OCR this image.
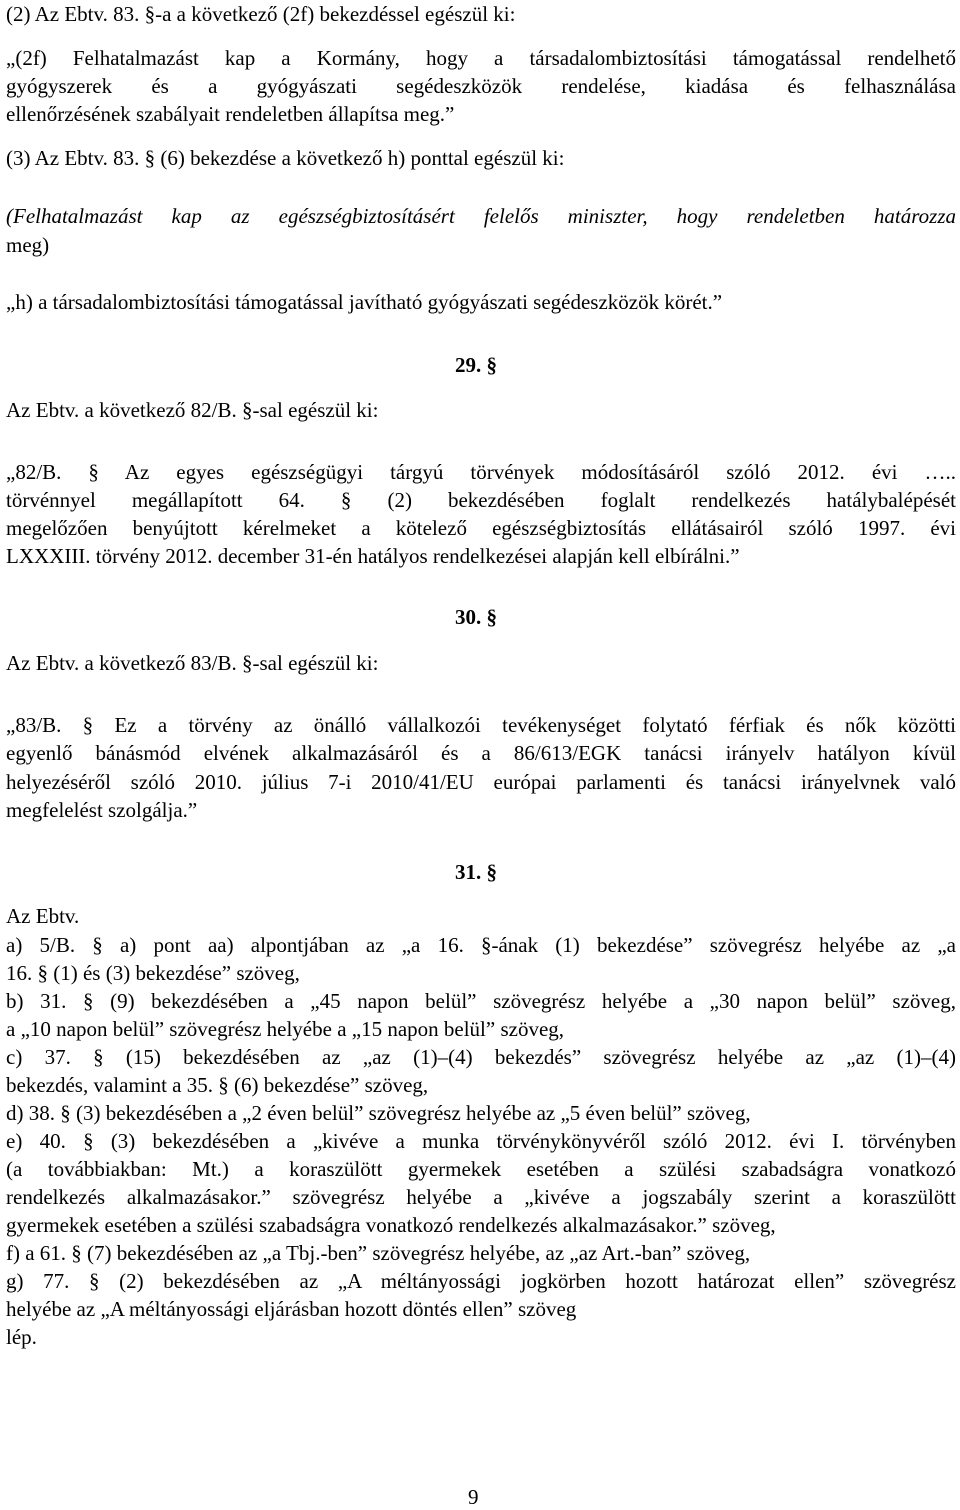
(2) Az Ebtv. 83. §-a a következő (2f) bekezdéssel egészül ki:
„(2f) Felhatalmazást kap a Kormány, hogy a társadalombiztosítási támogatással rendelhető
gyógyszerek és a gyógyászati segédeszközök rendelése, kiadása és felhasználása
ellenőrzésének szabályait rendeletben állapítsa meg.”
(3) Az Ebtv. 83. § (6) bekezdése a következő h) ponttal egészül ki:
(Felhatalmazást kap az egészségbiztosításért felelős miniszter, hogy rendeletben határozza
meg)
„h) a társadalombiztosítási támogatással javítható gyógyászati segédeszközök körét.”
29. §
Az Ebtv. a következő 82/B. §-sal egészül ki:
„82/B. § Az egyes egészségügyi tárgyú törvények módosításáról szóló 2012. évi …..
törvénnyel megállapított 64. § (2) bekezdésében foglalt rendelkezés hatálybalépését
megelőzően benyújtott kérelmeket a kötelező egészségbiztosítás ellátásairól szóló 1997. évi
LXXXIII. törvény 2012. december 31-én hatályos rendelkezései alapján kell elbírálni.”
30. §
Az Ebtv. a következő 83/B. §-sal egészül ki:
„83/B. § Ez a törvény az önálló vállalkozói tevékenységet folytató férfiak és nők közötti
egyenlő bánásmód elvének alkalmazásáról és a 86/613/EGK tanácsi irányelv hatályon kívül
helyezéséről szóló 2010. július 7-i 2010/41/EU európai parlamenti és tanácsi irányelvnek való
megfelelést szolgálja.”
31. §
Az Ebtv.
a) 5/B. § a) pont aa) alpontjában az „a 16. §-ának (1) bekezdése” szövegrész helyébe az „a
16. § (1) és (3) bekezdése” szöveg,
b) 31. § (9) bekezdésében a „45 napon belül” szövegrész helyébe a „30 napon belül” szöveg,
a „10 napon belül” szövegrész helyébe a „15 napon belül” szöveg,
c) 37. § (15) bekezdésében az „az (1)–(4) bekezdés” szövegrész helyébe az „az (1)–(4)
bekezdés, valamint a 35. § (6) bekezdése” szöveg,
d) 38. § (3) bekezdésében a „2 éven belül” szövegrész helyébe az „5 éven belül” szöveg,
e) 40. § (3) bekezdésében a „kivéve a munka törvénykönyvéről szóló 2012. évi I. törvényben
(a továbbiakban: Mt.) a koraszülött gyermekek esetében a szülési szabadságra vonatkozó
rendelkezés alkalmazásakor.” szövegrész helyébe a „kivéve a jogszabály szerint a koraszülött
gyermekek esetében a szülési szabadságra vonatkozó rendelkezés alkalmazásakor.” szöveg,
f) a 61. § (7) bekezdésében az „a Tbj.-ben” szövegrész helyébe, az „az Art.-ban” szöveg,
g) 77. § (2) bekezdésében az „A méltányossági jogkörben hozott határozat ellen” szövegrész
helyébe az „A méltányossági eljárásban hozott döntés ellen” szöveg
lép.
9
